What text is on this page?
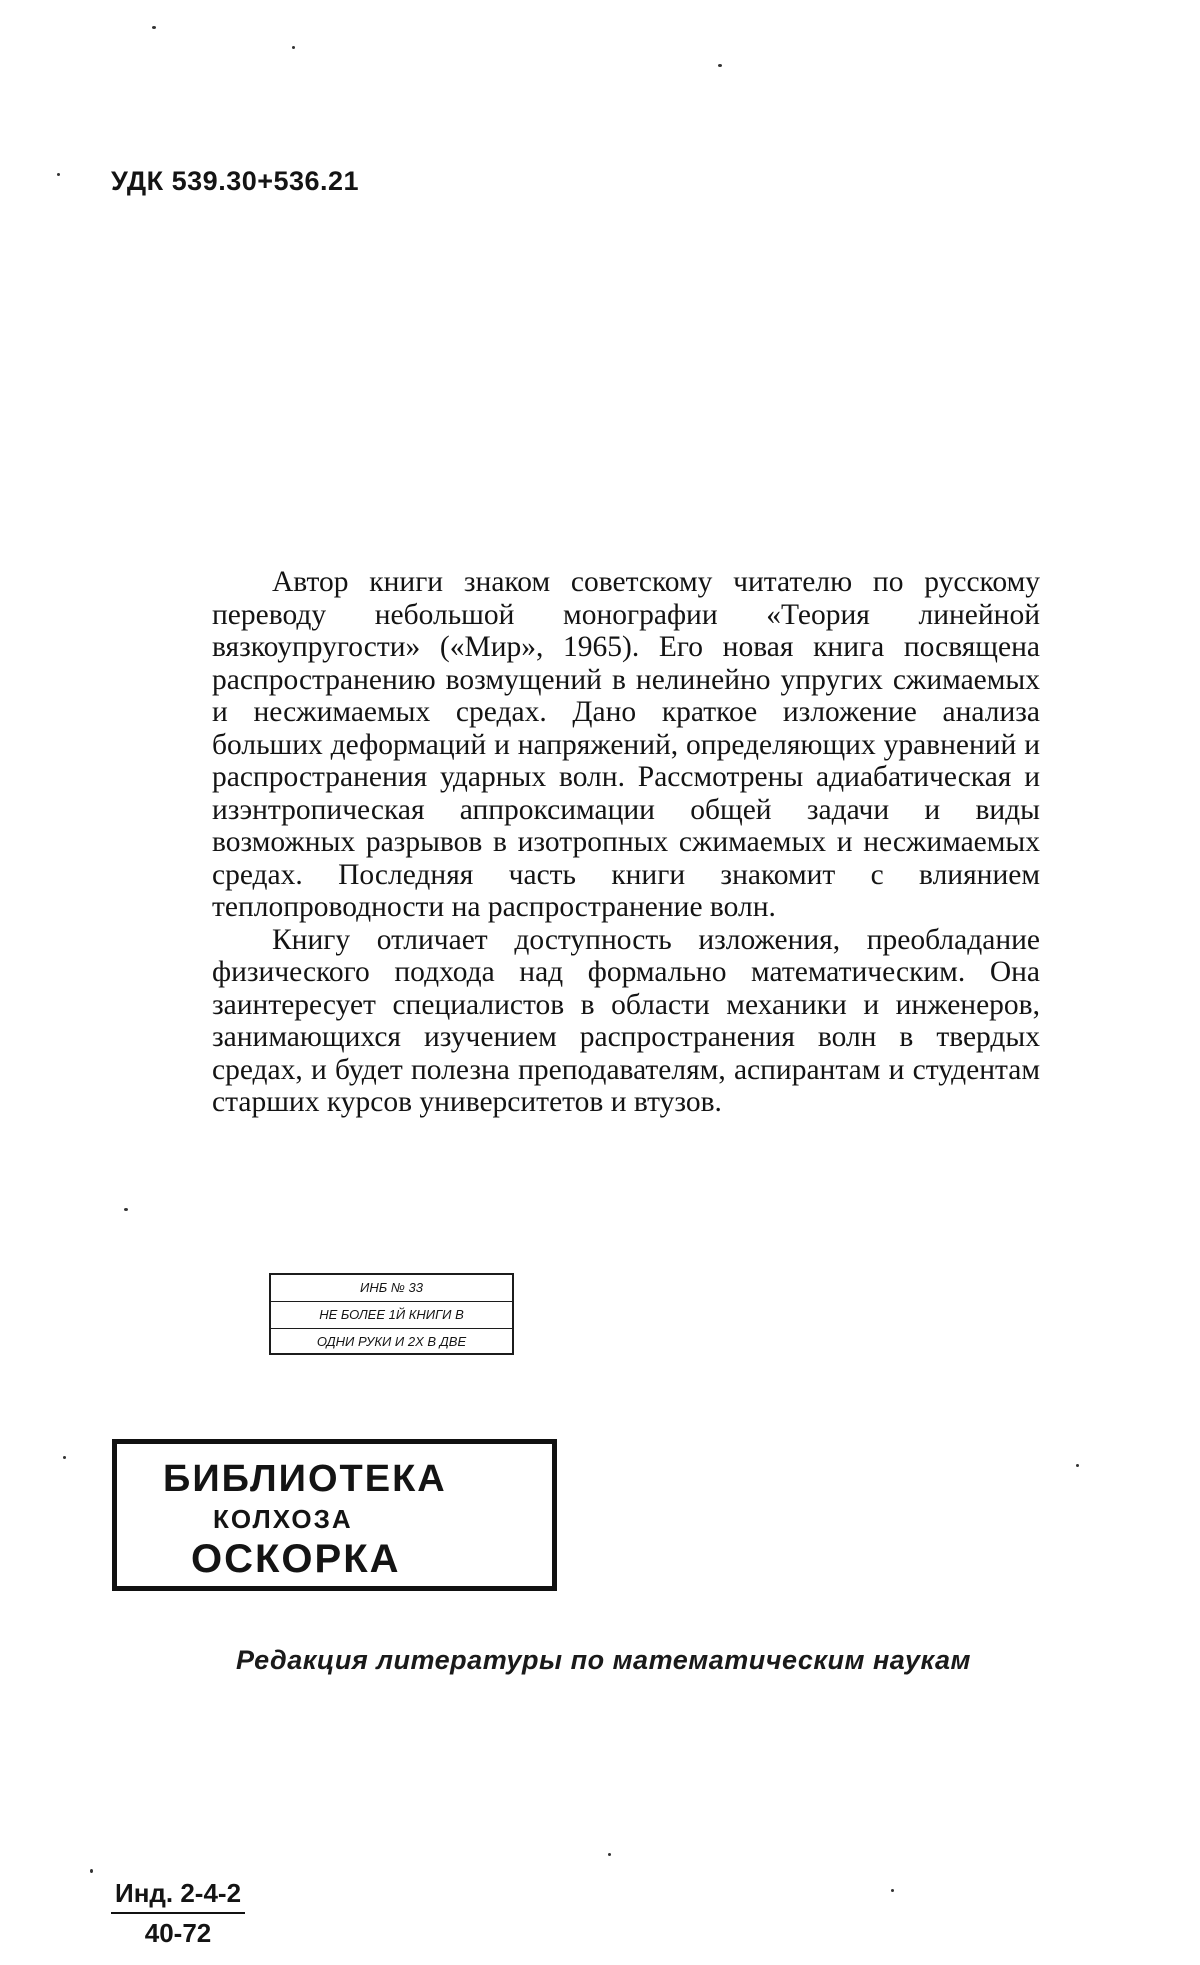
УДК 539.30+536.21

Автор книги знаком советскому читателю по русскому переводу небольшой монографии «Теория линейной вязкоупругости» («Мир», 1965). Его новая книга посвящена распространению возмущений в нелинейно упругих сжимаемых и несжимаемых средах. Дано краткое изложение анализа больших деформаций и напряжений, определяющих уравнений и распространения ударных волн. Рассмотрены адиабатическая и изэнтропическая аппроксимации общей задачи и виды возможных разрывов в изотропных сжимаемых и несжимаемых средах. Последняя часть книги знакомит с влиянием теплопроводности на распространение волн.

Книгу отличает доступность изложения, преобладание физического подхода над формально математическим. Она заинтересует специалистов в области механики и инженеров, занимающихся изучением распространения волн в твердых средах, и будет полезна преподавателям, аспирантам и студентам старших курсов университетов и втузов.

ИНБ № 33
НЕ БОЛЕЕ 1Й КНИГИ В
ОДНИ РУКИ И 2Х В ДВЕ
БИБЛИОТЕКА
КОЛХОЗА
ОСКОРКА
Редакция литературы по математическим наукам
Инд. 2-4-2
40-72
